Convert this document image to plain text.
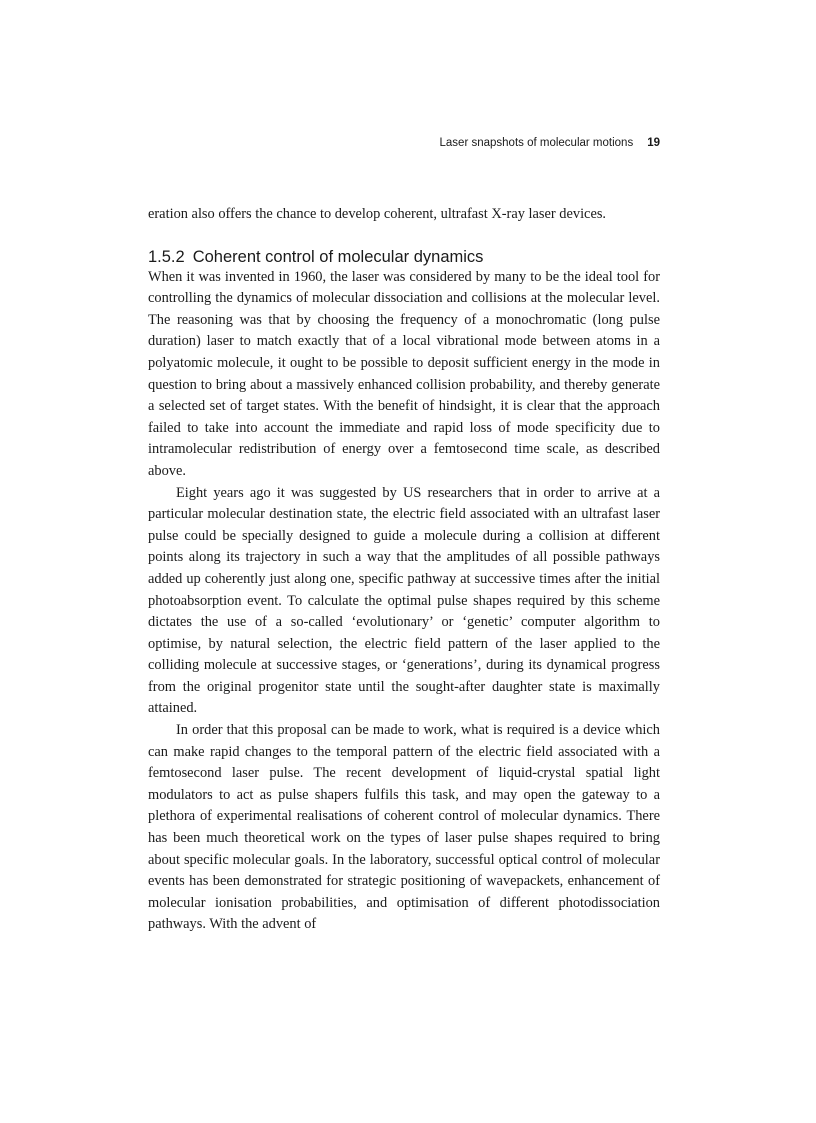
Laser snapshots of molecular motions 19

eration also offers the chance to develop coherent, ultrafast X-ray laser devices.

1.5.2 Coherent control of molecular dynamics

When it was invented in 1960, the laser was considered by many to be the ideal tool for controlling the dynamics of molecular dissociation and collisions at the molecular level. The reasoning was that by choosing the frequency of a monochromatic (long pulse duration) laser to match exactly that of a local vibrational mode between atoms in a polyatomic molecule, it ought to be possible to deposit sufficient energy in the mode in question to bring about a massively enhanced collision probability, and thereby generate a selected set of target states. With the benefit of hindsight, it is clear that the approach failed to take into account the immediate and rapid loss of mode specificity due to intramolecular redistribution of energy over a femtosecond time scale, as described above.

Eight years ago it was suggested by US researchers that in order to arrive at a particular molecular destination state, the electric field associated with an ultrafast laser pulse could be specially designed to guide a molecule during a collision at different points along its trajectory in such a way that the amplitudes of all possible pathways added up coherently just along one, specific pathway at successive times after the initial photoabsorption event. To calculate the optimal pulse shapes required by this scheme dictates the use of a so-called ‘evolutionary’ or ‘genetic’ computer algorithm to optimise, by natural selection, the electric field pattern of the laser applied to the colliding molecule at successive stages, or ‘generations’, during its dynamical progress from the original progenitor state until the sought-after daughter state is maximally attained.

In order that this proposal can be made to work, what is required is a device which can make rapid changes to the temporal pattern of the electric field associated with a femtosecond laser pulse. The recent development of liquid-crystal spatial light modulators to act as pulse shapers fulfils this task, and may open the gateway to a plethora of experimental realisations of coherent control of molecular dynamics. There has been much theoretical work on the types of laser pulse shapes required to bring about specific molecular goals. In the laboratory, successful optical control of molecular events has been demonstrated for strategic positioning of wavepackets, enhancement of molecular ionisation probabilities, and optimisation of different photodissociation pathways. With the advent of
